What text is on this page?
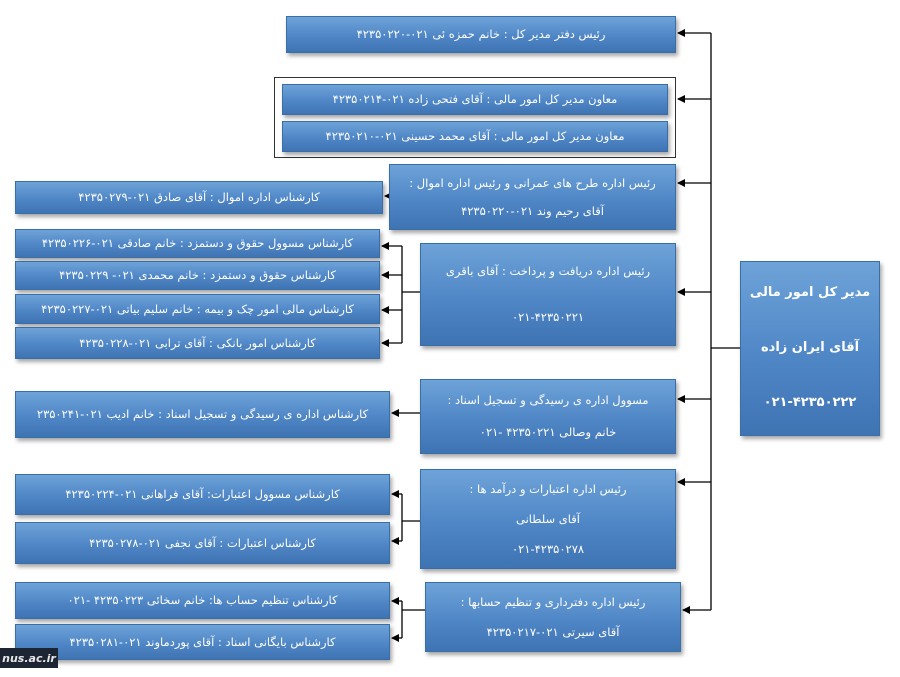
مدیر کل امور مالی
آقای ایران زاده
۰۲۱-۴۲۳۵۰۲۲۲
رئیس دفتر مدیر کل : خانم حمزه ئی ۰۲۱-۴۲۳۵۰۲۲۰
معاون مدیر کل امور مالی : آقای فتحی زاده ۰۲۱-۴۲۳۵۰۲۱۴
معاون مدیر کل امور مالی : آقای محمد حسینی ۰۲۱-۴۲۳۵۰۲۱۰
رئیس اداره طرح های عمرانی و رئیس اداره اموال :
آقای رحیم وند ۰۲۱-۴۲۳۵۰۲۲۰
کارشناس اداره اموال : آقای صادق ۰۲۱-۴۲۳۵۰۲۷۹
رئیس اداره دریافت و پرداخت : آقای باقری
۰۲۱-۴۲۳۵۰۲۲۱
کارشناس مسوول حقوق و دستمزد : خانم صادقی ۰۲۱-۴۲۳۵۰۲۲۶
کارشناس حقوق و دستمزد : خانم محمدی ۰۲۱- ۴۲۳۵۰۲۲۹
کارشناس مالی امور چک و بیمه : خانم سلیم بیاتی ۰۲۱-۴۲۳۵۰۲۲۷
کارشناس امور بانکی : آقای ترابی ۰۲۱-۴۲۳۵۰۲۲۸
مسوول اداره ی رسیدگی و تسجیل اسناد :
خانم وصالی ۴۲۳۵۰۲۲۱ -۰۲۱
کارشناس اداره ی رسیدگی و تسجیل اسناد : خانم ادیب ۰۲۱-۲۳۵۰۲۴۱
رئیس اداره اعتبارات و درآمد ها :
آقای سلطانی
۰۲۱-۴۲۳۵۰۲۷۸
کارشناس مسوول اعتبارات: آقای فراهانی ۰۲۱-۴۲۳۵۰۲۲۴
کارشناس اعتبارات : آقای نجفی ۰۲۱-۴۲۳۵۰۲۷۸
رئیس اداره دفترداری و تنظیم حسابها :
آقای سیرتی ۰۲۱-۴۲۳۵۰۲۱۷
کارشناس تنظیم حساب ها: خانم سخائی ۴۲۳۵۰۲۲۳ -۰۲۱
کارشناس بایگانی اسناد : آقای پوردماوند ۰۲۱-۴۲۳۵۰۲۸۱
nus.ac.ir
